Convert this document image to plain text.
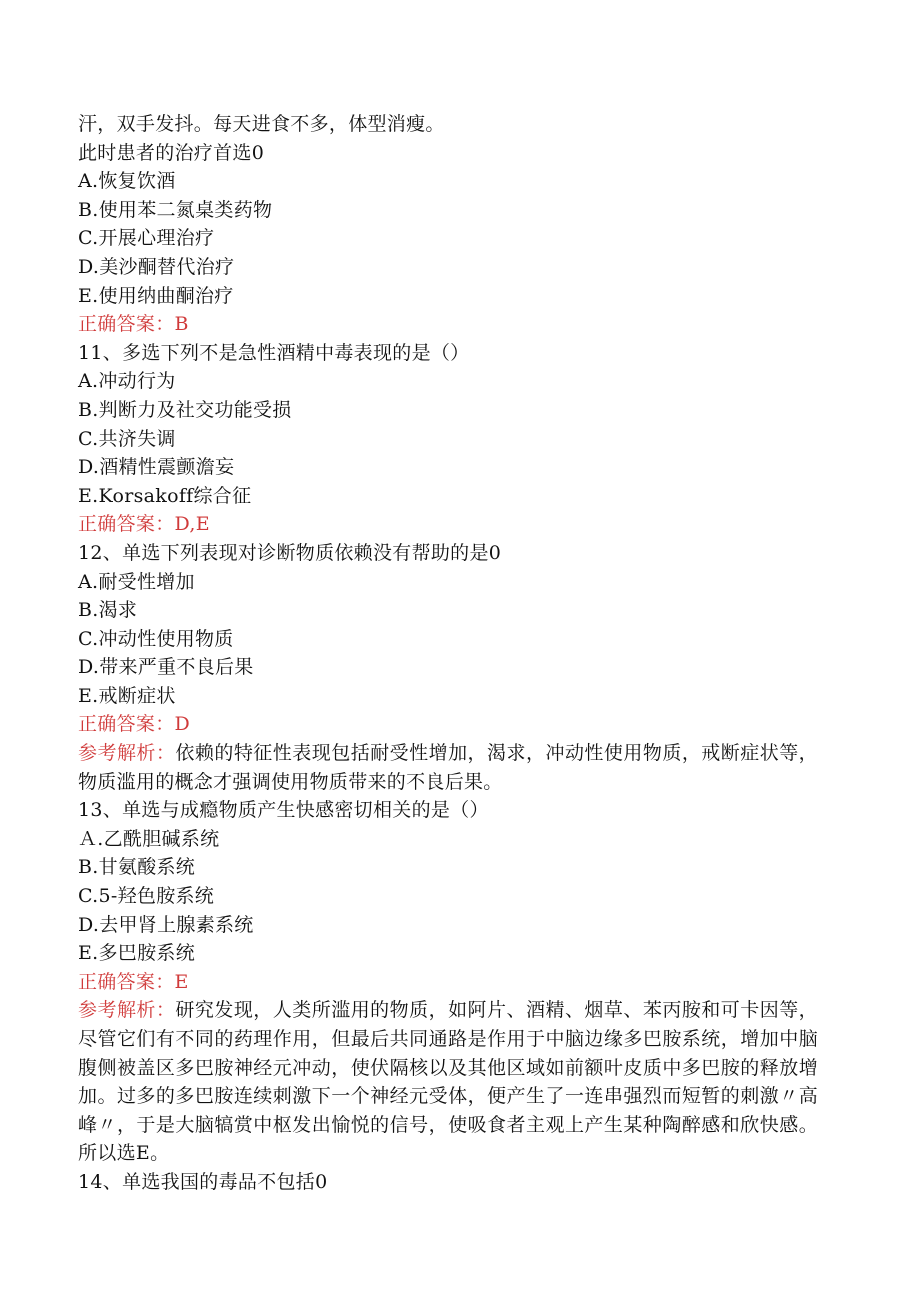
汗，双手发抖。每天进食不多，体型消瘦。
此时患者的治疗首选0
A.恢复饮酒
B.使用苯二氮桌类药物
C.开展心理治疗
D.美沙酮替代治疗
E.使用纳曲酮治疗
正确答案：B
11、多选下列不是急性酒精中毒表现的是（）
A.冲动行为
B.判断力及社交功能受损
C.共济失调
D.酒精性震颤澹妄
E.Korsakoff综合征
正确答案：D,E
12、单选下列表现对诊断物质依赖没有帮助的是0
A.耐受性增加
B.渴求
C.冲动性使用物质
D.带来严重不良后果
E.戒断症状
正确答案：D
参考解析：依赖的特征性表现包括耐受性增加，渴求，冲动性使用物质，戒断症状等，物质滥用的概念才强调使用物质带来的不良后果。
13、单选与成瘾物质产生快感密切相关的是（）
Ａ.乙酰胆碱系统
B.甘氨酸系统
C.5-羟色胺系统
D.去甲肾上腺素系统
E.多巴胺系统
正确答案：E
参考解析：研究发现，人类所滥用的物质，如阿片、酒精、烟草、苯丙胺和可卡因等，尽管它们有不同的药理作用，但最后共同通路是作用于中脑边缘多巴胺系统，增加中脑腹侧被盖区多巴胺神经元冲动，使伏隔核以及其他区域如前额叶皮质中多巴胺的释放增加。过多的多巴胺连续刺激下一个神经元受体，便产生了一连串强烈而短暂的刺激〃高峰〃，于是大脑犒赏中枢发出愉悦的信号，使吸食者主观上产生某种陶醉感和欣快感。所以选E。
14、单选我国的毒品不包括0
